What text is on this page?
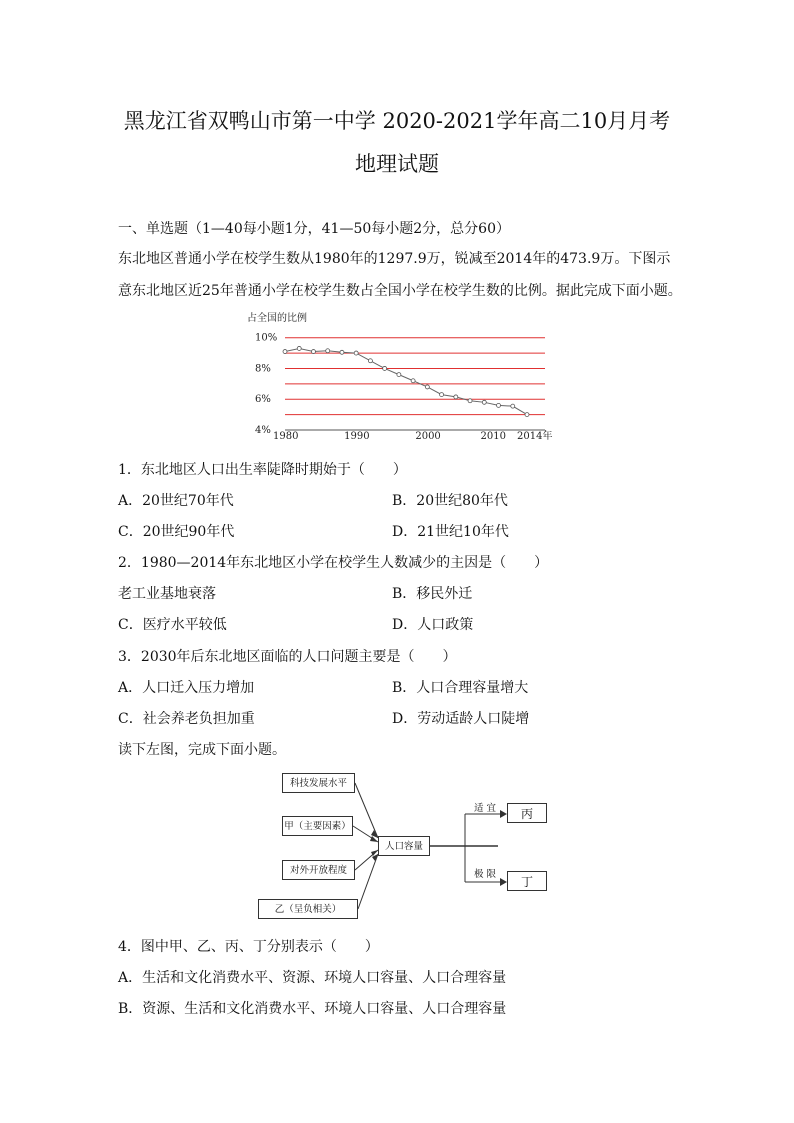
黑龙江省双鸭山市第一中学 2020-2021学年高二10月月考
地理试题
一、单选题（1—40每小题1分，41—50每小题2分，总分60）
东北地区普通小学在校学生数从1980年的1297.9万，锐减至2014年的473.9万。下图示
意东北地区近25年普通小学在校学生数占全国小学在校学生数的比例。据此完成下面小题。
占全国的比例
10%
8%
6%
4%
1980	1990	2000	2010 2014年
1．东北地区人口出生率陡降时期始于（　　）
A．20世纪70年代	B．20世纪80年代
C．20世纪90年代	D．21世纪10年代
2．1980—2014年东北地区小学在校学生人数减少的主因是（　　）
老工业基地衰落	B．移民外迁
C．医疗水平较低	D．人口政策
3．2030年后东北地区面临的人口问题主要是（　　）
A．人口迁入压力增加	B．人口合理容量增大
C．社会养老负担加重	D．劳动适龄人口陡增
读下左图，完成下面小题。
科技发展水平
甲（主要因素）
对外开放程度
乙（呈负相关）
人口容量
适 宜
极 限
丙
丁
4．图中甲、乙、丙、丁分别表示（　　）
A．生活和文化消费水平、资源、环境人口容量、人口合理容量
B．资源、生活和文化消费水平、环境人口容量、人口合理容量
